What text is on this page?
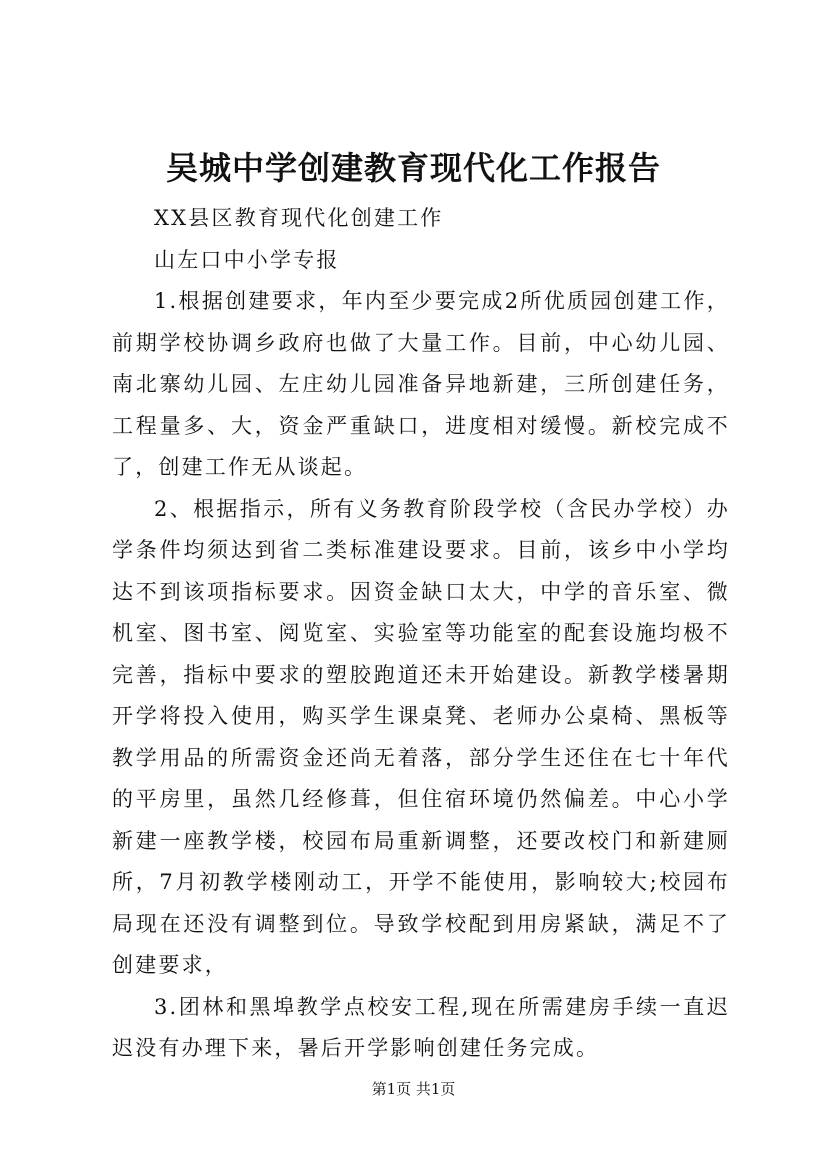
吴城中学创建教育现代化工作报告

XX县区教育现代化创建工作

山左口中小学专报

1.根据创建要求，年内至少要完成2所优质园创建工作，前期学校协调乡政府也做了大量工作。目前，中心幼儿园、南北寨幼儿园、左庄幼儿园准备异地新建，三所创建任务，工程量多、大，资金严重缺口，进度相对缓慢。新校完成不了，创建工作无从谈起。

2、根据指示，所有义务教育阶段学校（含民办学校）办学条件均须达到省二类标准建设要求。目前，该乡中小学均达不到该项指标要求。因资金缺口太大，中学的音乐室、微机室、图书室、阅览室、实验室等功能室的配套设施均极不完善，指标中要求的塑胶跑道还未开始建设。新教学楼暑期开学将投入使用，购买学生课桌凳、老师办公桌椅、黑板等教学用品的所需资金还尚无着落，部分学生还住在七十年代的平房里，虽然几经修葺，但住宿环境仍然偏差。中心小学新建一座教学楼，校园布局重新调整，还要改校门和新建厕所，7月初教学楼刚动工，开学不能使用，影响较大;校园布局现在还没有调整到位。导致学校配到用房紧缺，满足不了创建要求，

3.团林和黑埠教学点校安工程,现在所需建房手续一直迟迟没有办理下来，暑后开学影响创建任务完成。

第1页 共1页
